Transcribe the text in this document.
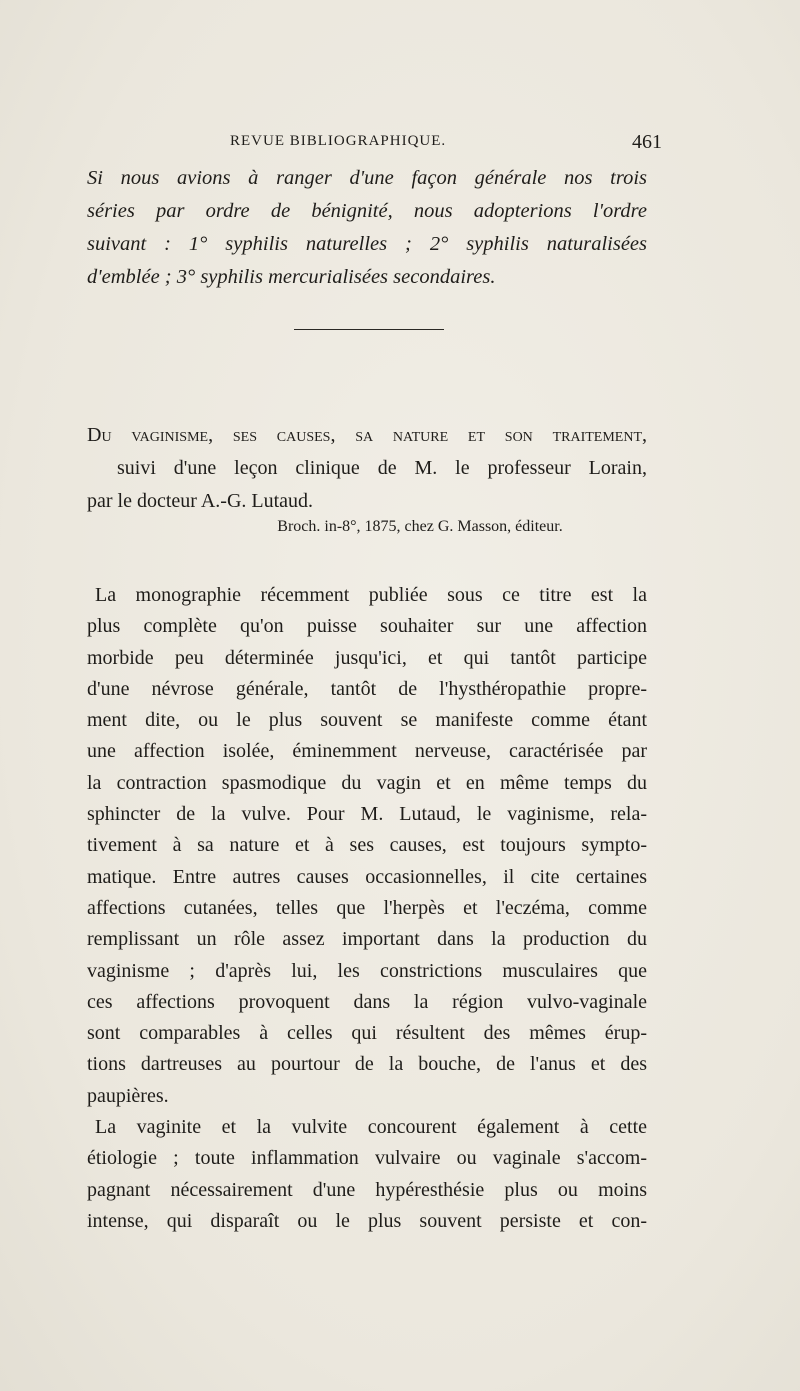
REVUE BIBLIOGRAPHIQUE.	461
Si nous avions à ranger d'une façon générale nos trois
séries par ordre de bénignité, nous adopterions l'ordre
suivant : 1° syphilis naturelles ; 2° syphilis naturalisées
d'emblée ; 3° syphilis mercurialisées secondaires.
Du vaginisme, ses causes, sa nature et son traitement,
suivi d'une leçon clinique de M. le professeur Lorain,
par le docteur A.-G. Lutaud.
Broch. in-8°, 1875, chez G. Masson, éditeur.
La monographie récemment publiée sous ce titre est la
plus complète qu'on puisse souhaiter sur une affection
morbide peu déterminée jusqu'ici, et qui tantôt participe
d'une névrose générale, tantôt de l'hysthéropathie propre-
ment dite, ou le plus souvent se manifeste comme étant
une affection isolée, éminemment nerveuse, caractérisée par
la contraction spasmodique du vagin et en même temps du
sphincter de la vulve. Pour M. Lutaud, le vaginisme, rela-
tivement à sa nature et à ses causes, est toujours sympto-
matique. Entre autres causes occasionnelles, il cite certaines
affections cutanées, telles que l'herpès et l'eczéma, comme
remplissant un rôle assez important dans la production du
vaginisme ; d'après lui, les constrictions musculaires que
ces affections provoquent dans la région vulvo-vaginale
sont comparables à celles qui résultent des mêmes érup-
tions dartreuses au pourtour de la bouche, de l'anus et des
paupières.
La vaginite et la vulvite concourent également à cette
étiologie ; toute inflammation vulvaire ou vaginale s'accom-
pagnant nécessairement d'une hypéresthésie plus ou moins
intense, qui disparaît ou le plus souvent persiste et con-
